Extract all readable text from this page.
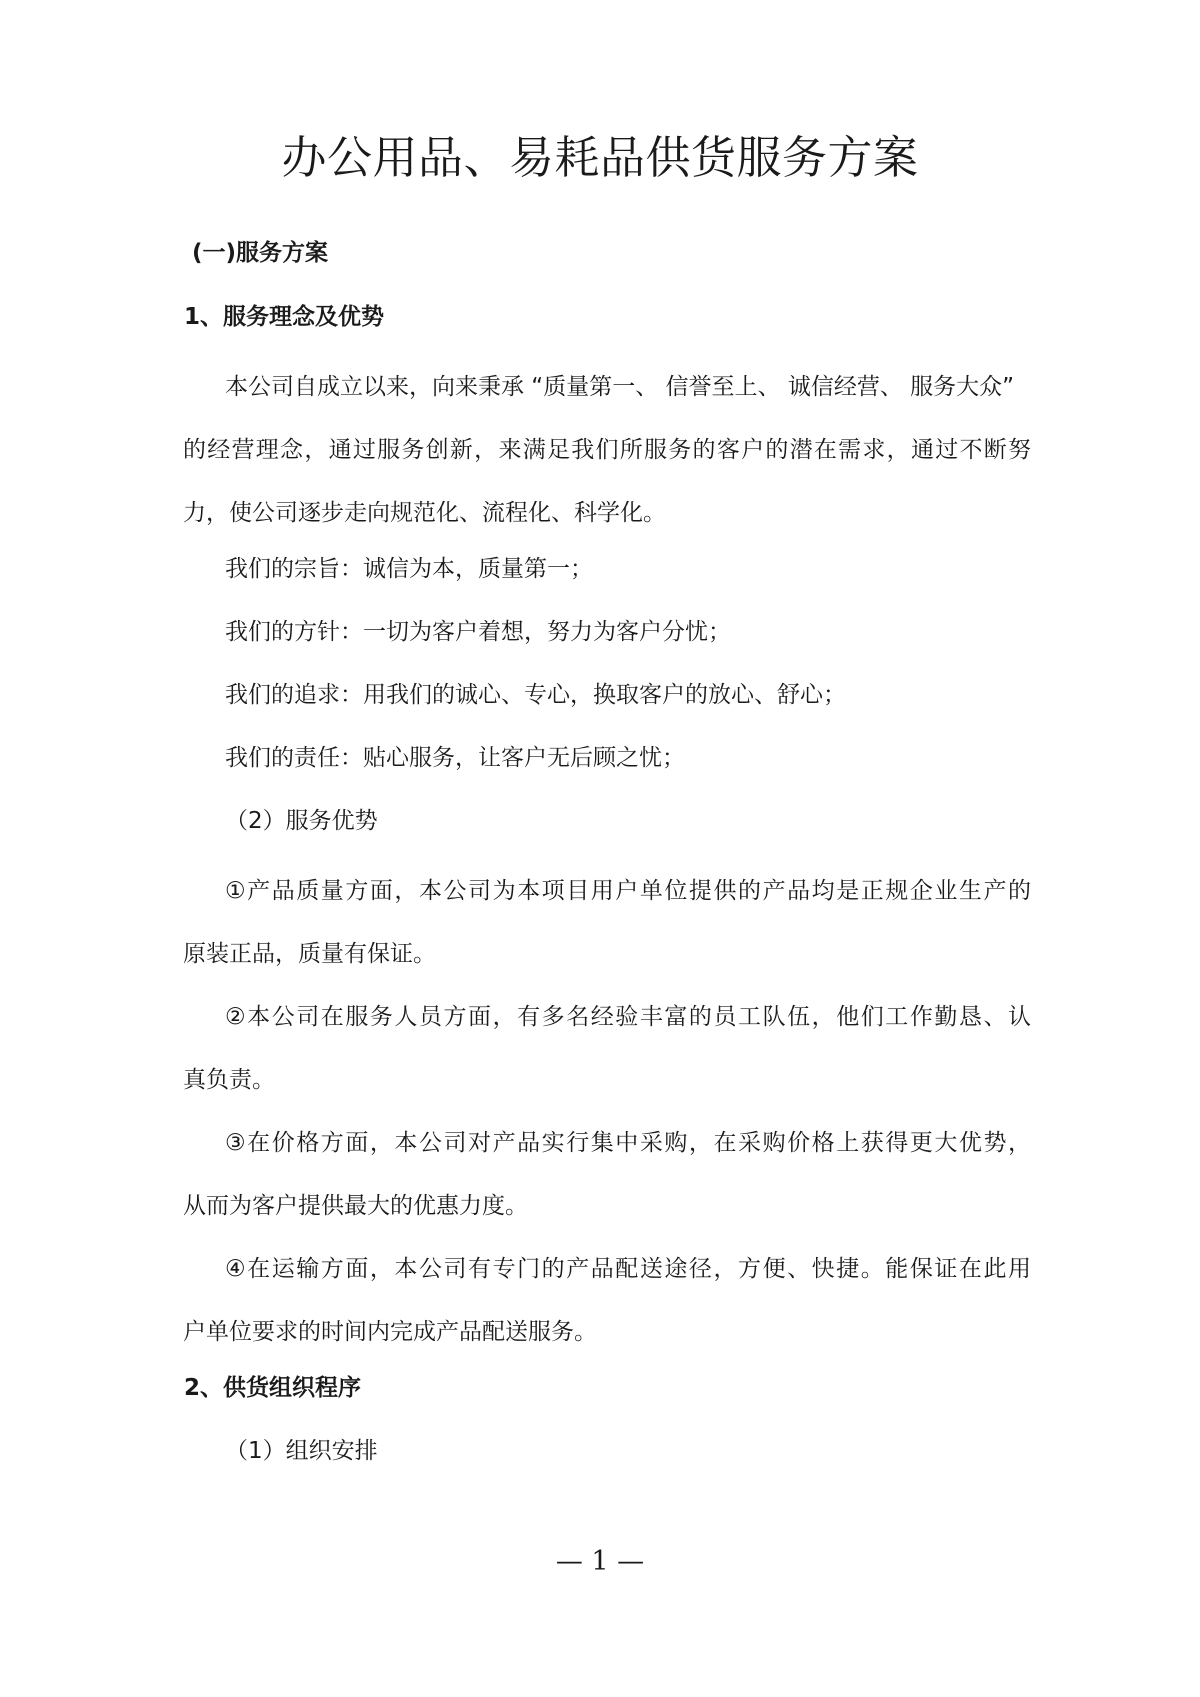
办公用品、易耗品供货服务方案

(一)服务方案

1、服务理念及优势

本公司自成立以来，向来秉承 “质量第一、 信誉至上、 诚信经营、 服务大众”

的经营理念，通过服务创新，来满足我们所服务的客户的潜在需求，通过不断努

力，使公司逐步走向规范化、流程化、科学化。

我们的宗旨：诚信为本，质量第一；

我们的方针：一切为客户着想，努力为客户分忧；

我们的追求：用我们的诚心、专心，换取客户的放心、舒心；

我们的责任：贴心服务，让客户无后顾之忧；

（2）服务优势

①产品质量方面，本公司为本项目用户单位提供的产品均是正规企业生产的

原装正品，质量有保证。

②本公司在服务人员方面，有多名经验丰富的员工队伍，他们工作勤恳、认

真负责。

③在价格方面，本公司对产品实行集中采购，在采购价格上获得更大优势，

从而为客户提供最大的优惠力度。

④在运输方面，本公司有专门的产品配送途径，方便、快捷。能保证在此用

户单位要求的时间内完成产品配送服务。

2、供货组织程序

（1）组织安排

— 1 —
